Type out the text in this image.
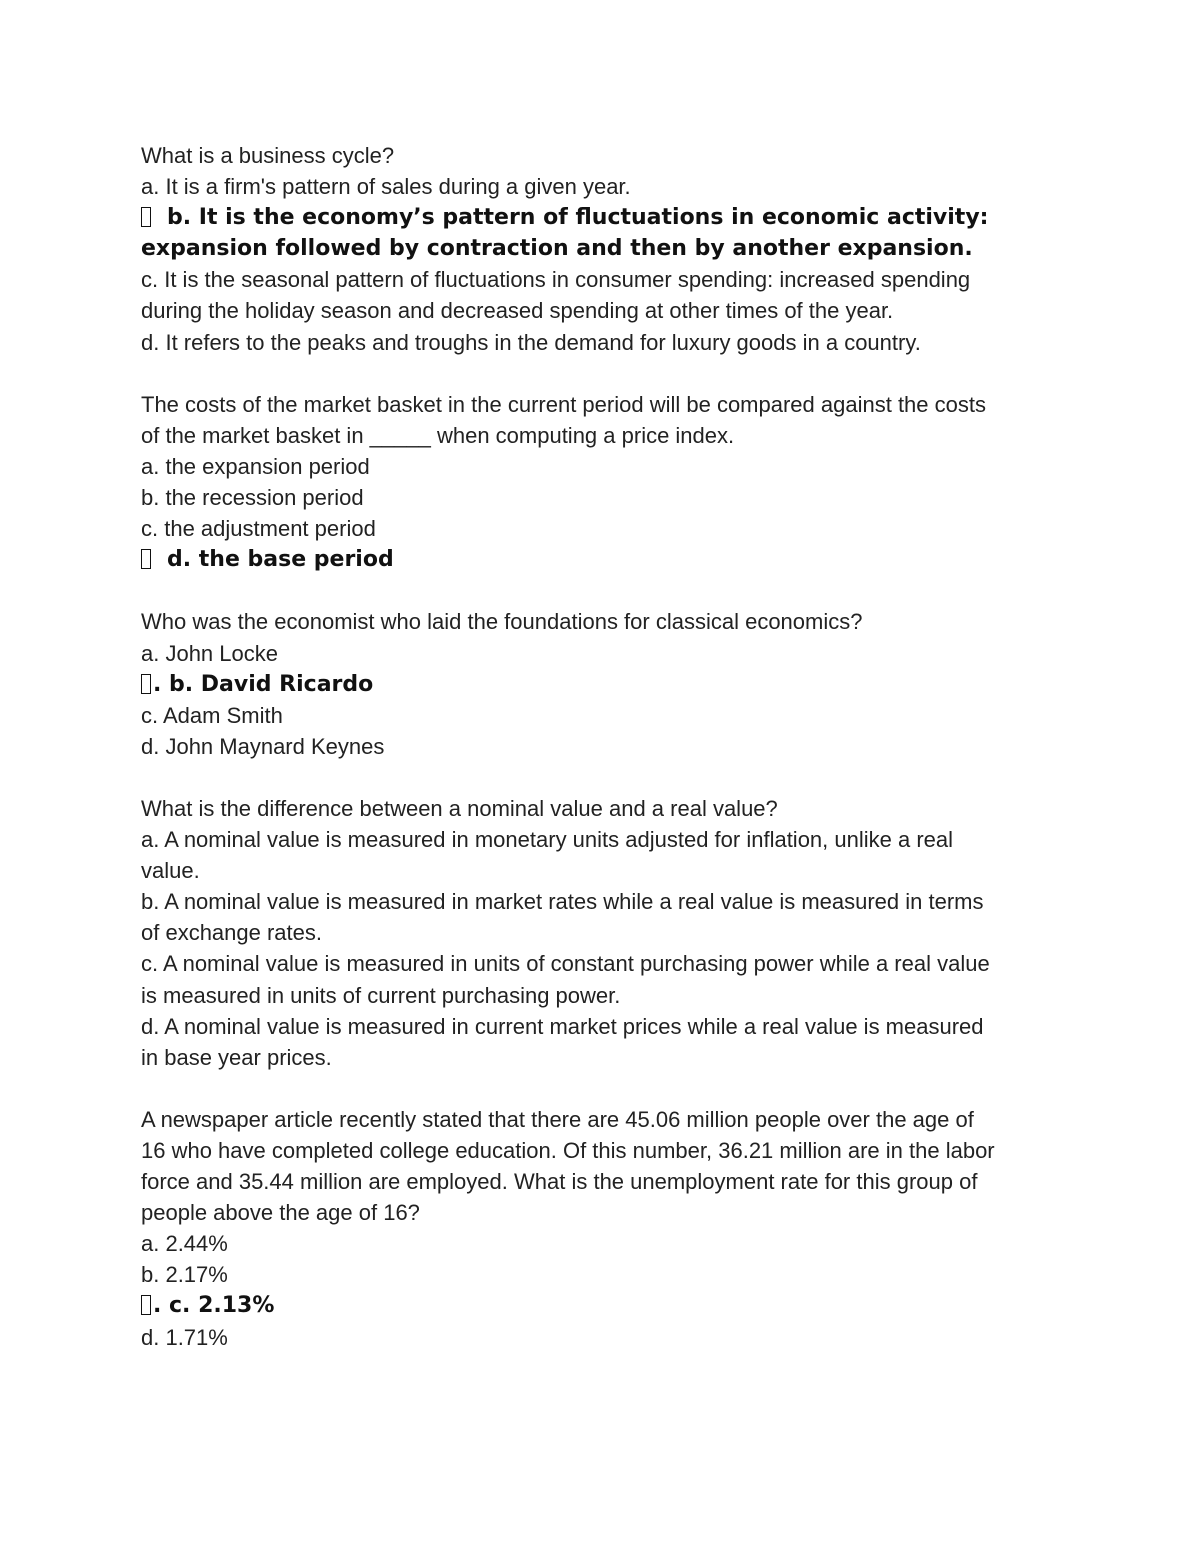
What is a business cycle?
a. It is a firm's pattern of sales during a given year.
b. It is the economy’s pattern of fluctuations in economic activity:
expansion followed by contraction and then by another expansion.
c. It is the seasonal pattern of fluctuations in consumer spending: increased spending
during the holiday season and decreased spending at other times of the year.
d. It refers to the peaks and troughs in the demand for luxury goods in a country.
The costs of the market basket in the current period will be compared against the costs
of the market basket in _____ when computing a price index.
a. the expansion period
b. the recession period
c. the adjustment period
d. the base period
Who was the economist who laid the foundations for classical economics?
a. John Locke
. b. David Ricardo
c. Adam Smith
d. John Maynard Keynes
What is the difference between a nominal value and a real value?
a. A nominal value is measured in monetary units adjusted for inflation, unlike a real
value.
b. A nominal value is measured in market rates while a real value is measured in terms
of exchange rates.
c. A nominal value is measured in units of constant purchasing power while a real value
is measured in units of current purchasing power.
d. A nominal value is measured in current market prices while a real value is measured
in base year prices.
A newspaper article recently stated that there are 45.06 million people over the age of
16 who have completed college education. Of this number, 36.21 million are in the labor
force and 35.44 million are employed. What is the unemployment rate for this group of
people above the age of 16?
a. 2.44%
b. 2.17%
. c. 2.13%
d. 1.71%
